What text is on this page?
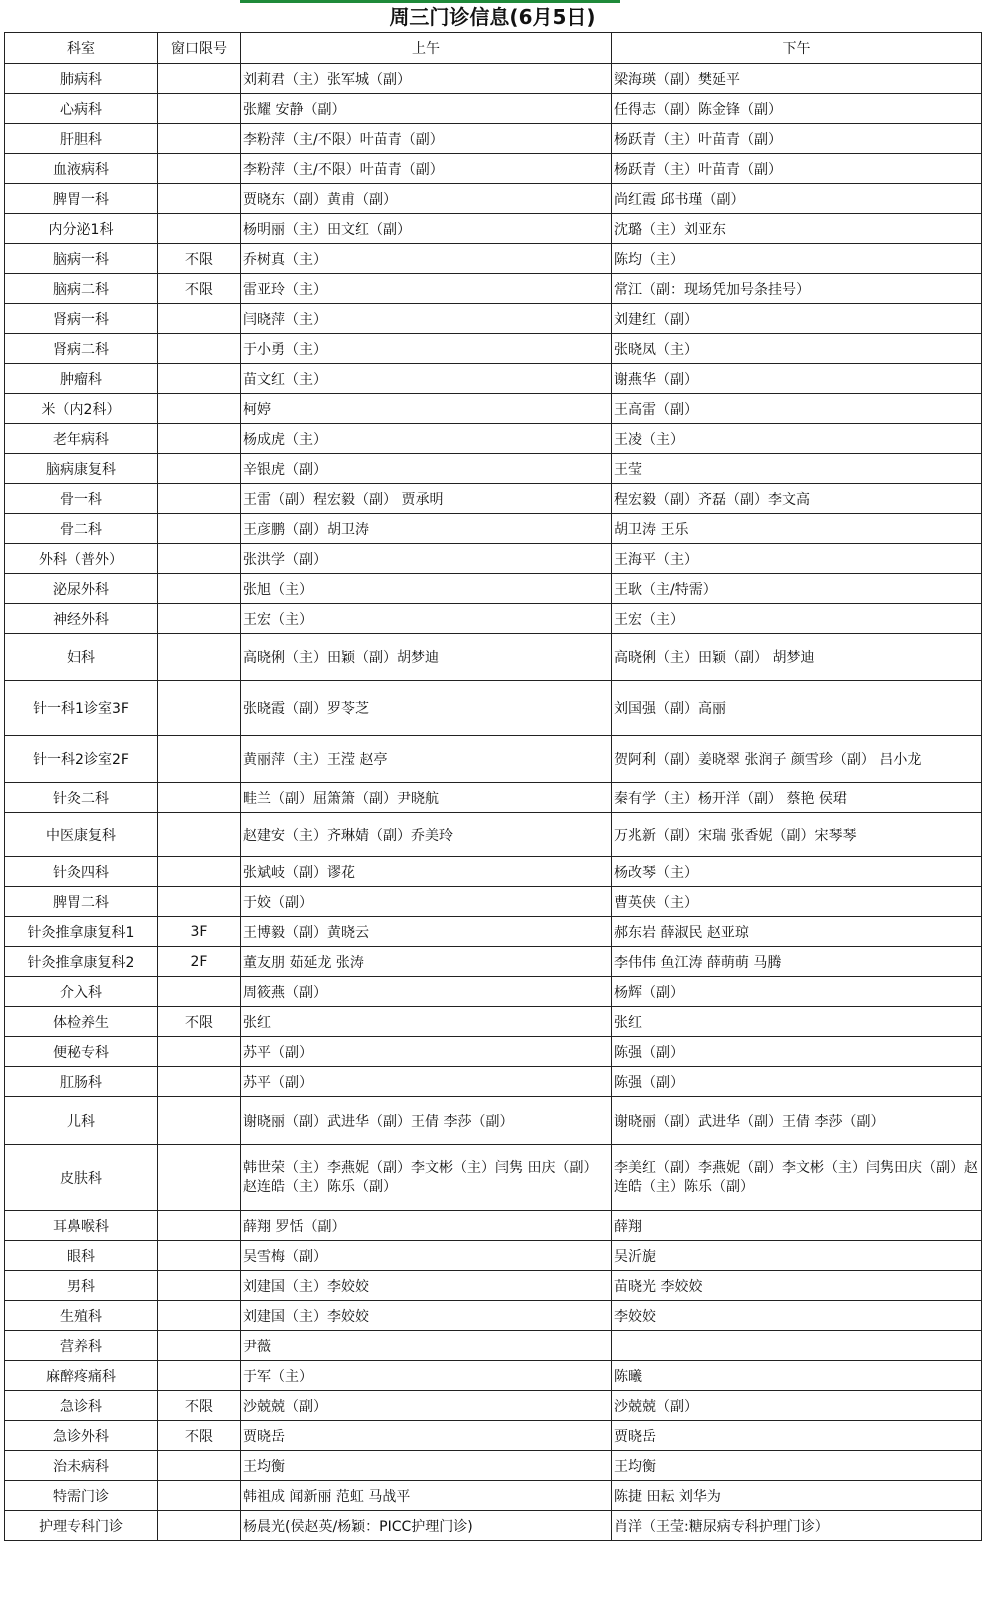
周三门诊信息(6月5日)
科室	窗口限号	上午	下午
肺病科		刘莉君（主）张军城（副）	梁海瑛（副）樊延平
心病科		张耀 安静（副）	任得志（副）陈金锋（副）
肝胆科		李粉萍（主/不限）叶苗青（副）	杨跃青（主）叶苗青（副）
血液病科		李粉萍（主/不限）叶苗青（副）	杨跃青（主）叶苗青（副）
脾胃一科		贾晓东（副）黄甫（副）	尚红霞 邱书瑾（副）
内分泌1科		杨明丽（主）田文红（副）	沈璐（主）刘亚东
脑病一科	不限	乔树真（主）	陈均（主）
脑病二科	不限	雷亚玲（主）	常江（副：现场凭加号条挂号）
肾病一科		闫晓萍（主）	刘建红（副）
肾病二科		于小勇（主）	张晓凤（主）
肿瘤科		苗文红（主）	谢燕华（副）
米（内2科）		柯婷	王高雷（副）
老年病科		杨成虎（主）	王凌（主）
脑病康复科		辛银虎（副）	王莹
骨一科		王雷（副）程宏毅（副） 贾承明	程宏毅（副）齐磊（副）李文高
骨二科		王彦鹏（副）胡卫涛	胡卫涛 王乐
外科（普外）		张洪学（副）	王海平（主）
泌尿外科		张旭（主）	王耿（主/特需）
神经外科		王宏（主）	王宏（主）
妇科		高晓俐（主）田颖（副）胡梦迪	高晓俐（主）田颖（副） 胡梦迪
针一科1诊室3F		张晓霞（副）罗苓芝	刘国强（副）高丽
针一科2诊室2F		黄丽萍（主）王滢 赵亭	贺阿利（副）姜晓翠 张润子 颜雪珍（副） 吕小龙
针灸二科		畦兰（副）屈箫箫（副）尹晓航	秦有学（主）杨开洋（副） 蔡艳 侯珺
中医康复科		赵建安（主）齐琳婧（副）乔美玲	万兆新（副）宋瑞 张香妮（副）宋琴琴
针灸四科		张斌岐（副）谬花	杨改琴（主）
脾胃二科		于姣（副）	曹英侠（主）
针灸推拿康复科1	3F	王博毅（副）黄晓云	郝东岩 薛淑民 赵亚琼
针灸推拿康复科2	2F	董友朋 茹延龙 张涛	李伟伟 鱼江涛 薛萌萌 马腾
介入科		周筱燕（副）	杨辉（副）
体检养生	不限	张红	张红
便秘专科		苏平（副）	陈强（副）
肛肠科		苏平（副）	陈强（副）
儿科		谢晓丽（副）武进华（副）王倩 李莎（副）	谢晓丽（副）武进华（副）王倩 李莎（副）
皮肤科		韩世荣（主）李燕妮（副）李文彬（主）闫隽 田庆（副）赵连皓（主）陈乐（副）	李美红（副）李燕妮（副）李文彬（主）闫隽田庆（副）赵连皓（主）陈乐（副）
耳鼻喉科		薛翔 罗恬（副）	薛翔
眼科		吴雪梅（副）	吴沂旎
男科		刘建国（主）李姣姣	苗晓光 李姣姣
生殖科		刘建国（主）李姣姣	李姣姣
营养科		尹薇	
麻醉疼痛科		于军（主）	陈曦
急诊科	不限	沙兢兢（副）	沙兢兢（副）
急诊外科	不限	贾晓岳	贾晓岳
治未病科		王均衡	王均衡
特需门诊		韩祖成 闻新丽 范虹 马战平	陈捷 田耘 刘华为
护理专科门诊		杨晨光(侯赵英/杨颖：PICC护理门诊)	肖洋（王莹:糖尿病专科护理门诊）
